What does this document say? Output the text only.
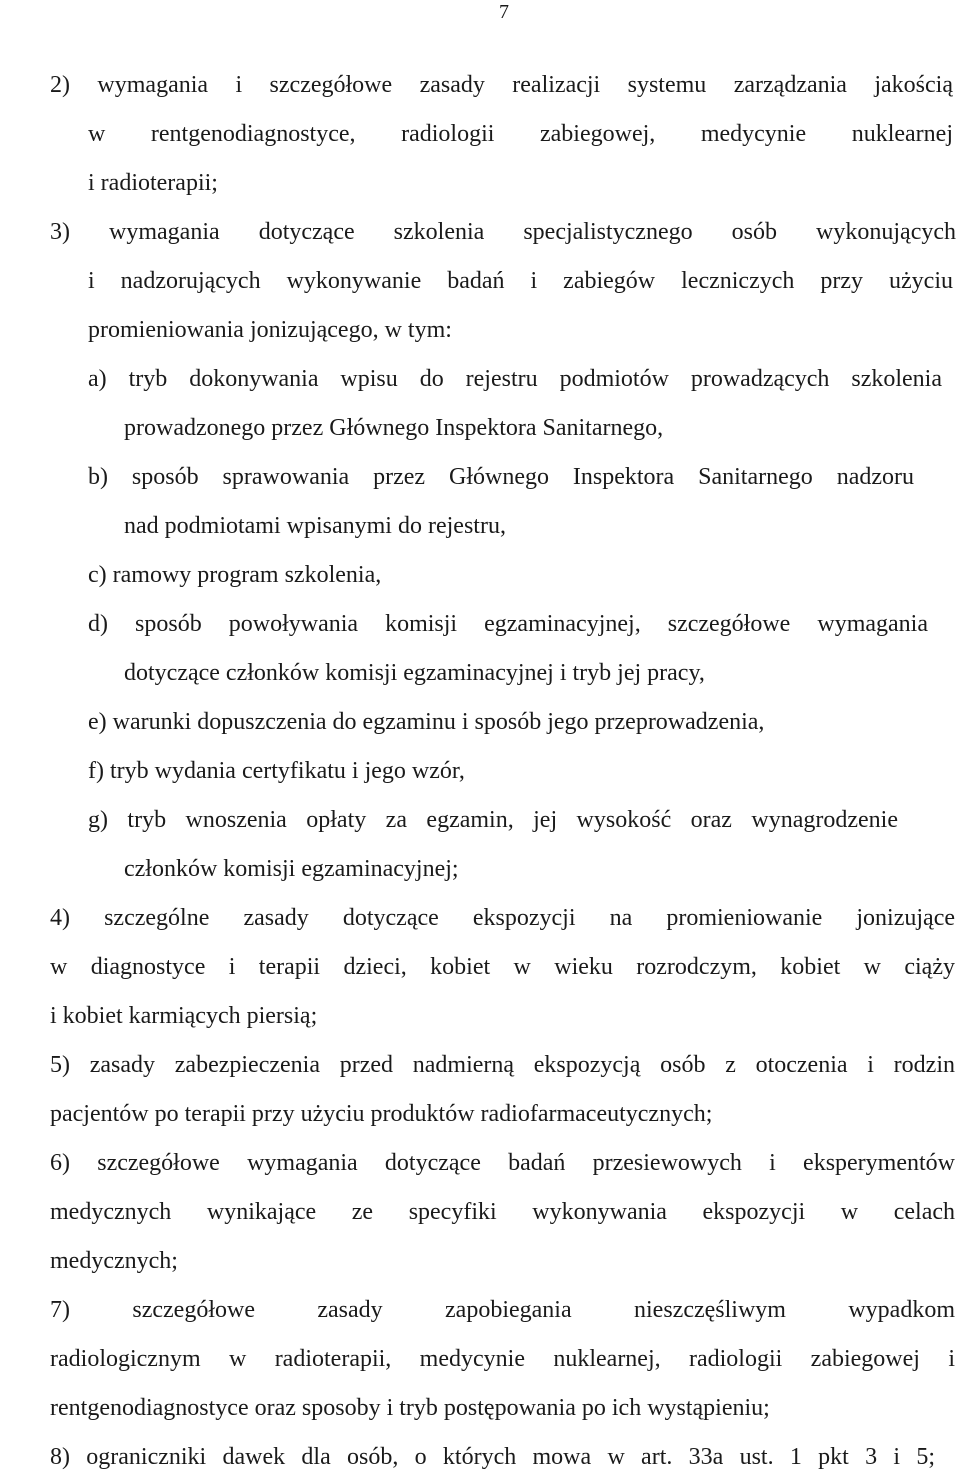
7
2) wymagania i szczegółowe zasady realizacji systemu zarządzania jakością
w rentgenodiagnostyce, radiologii zabiegowej, medycynie nuklearnej
i radioterapii;
3) wymagania dotyczące szkolenia specjalistycznego osób wykonujących
i nadzorujących wykonywanie badań i zabiegów leczniczych przy użyciu
promieniowania jonizującego, w tym:
a) tryb dokonywania wpisu do rejestru podmiotów prowadzących szkolenia
prowadzonego przez Głównego Inspektora Sanitarnego,
b) sposób sprawowania przez Głównego Inspektora Sanitarnego nadzoru
nad podmiotami wpisanymi do rejestru,
c) ramowy program szkolenia,
d) sposób powoływania komisji egzaminacyjnej, szczegółowe wymagania
dotyczące członków komisji egzaminacyjnej i tryb jej pracy,
e) warunki dopuszczenia do egzaminu i sposób jego przeprowadzenia,
f) tryb wydania certyfikatu i jego wzór,
g) tryb wnoszenia opłaty za egzamin, jej wysokość oraz wynagrodzenie
członków komisji egzaminacyjnej;
4) szczególne zasady dotyczące ekspozycji na promieniowanie jonizujące
w diagnostyce i terapii dzieci, kobiet w wieku rozrodczym, kobiet w ciąży
i kobiet karmiących piersią;
5) zasady zabezpieczenia przed nadmierną ekspozycją osób z otoczenia i rodzin
pacjentów po terapii przy użyciu produktów radiofarmaceutycznych;
6) szczegółowe wymagania dotyczące badań przesiewowych i eksperymentów
medycznych wynikające ze specyfiki wykonywania ekspozycji w celach
medycznych;
7) szczegółowe zasady zapobiegania nieszczęśliwym wypadkom
radiologicznym w radioterapii, medycynie nuklearnej, radiologii zabiegowej i
rentgenodiagnostyce oraz sposoby i tryb postępowania po ich wystąpieniu;
8) ograniczniki dawek dla osób, o których mowa w art. 33a ust. 1 pkt 3 i 5;
